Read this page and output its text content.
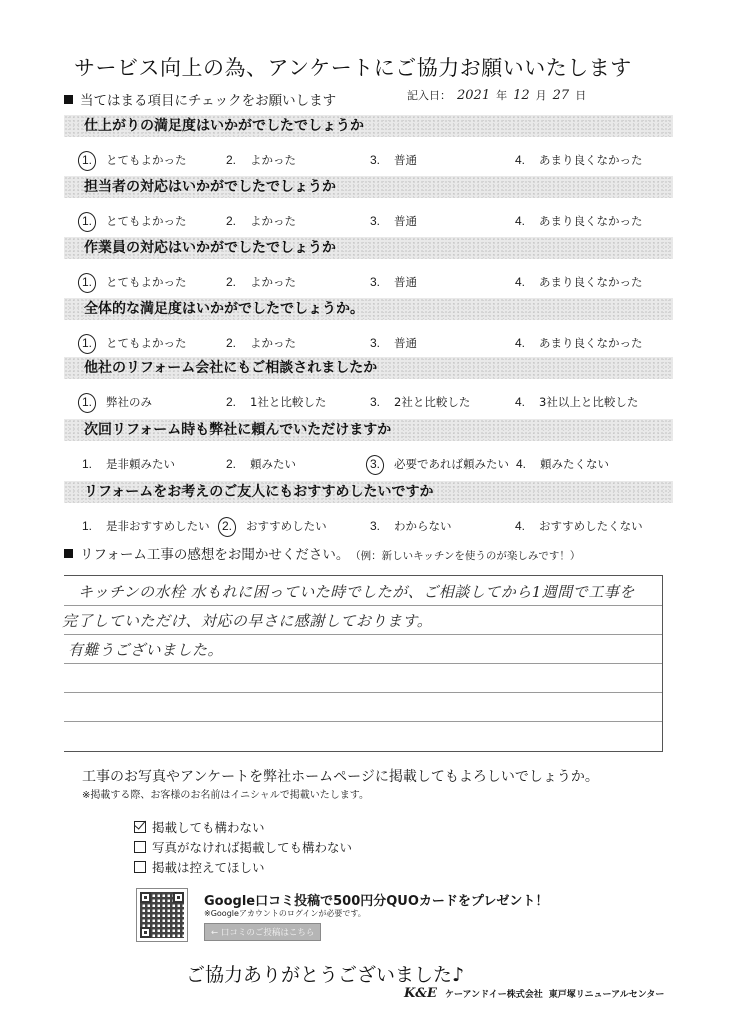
サービス向上の為、アンケートにご協力お願いいたします
当てはまる項目にチェックをお願いします	記入日： 2021 年 12 月 27 日
仕上がりの満足度はいかがでしたでしょうか
1. とてもよかった	2. よかった	3. 普通	4. あまり良くなかった
担当者の対応はいかがでしたでしょうか
1. とてもよかった	2. よかった	3. 普通	4. あまり良くなかった
作業員の対応はいかがでしたでしょうか
1. とてもよかった	2. よかった	3. 普通	4. あまり良くなかった
全体的な満足度はいかがでしたでしょうか。
1. とてもよかった	2. よかった	3. 普通	4. あまり良くなかった
他社のリフォーム会社にもご相談されましたか
1. 弊社のみ	2. 1社と比較した	3. 2社と比較した	4. 3社以上と比較した
次回リフォーム時も弊社に頼んでいただけますか
1. 是非頼みたい	2. 頼みたい	3. 必要であれば頼みたい 4. 頼みたくない
リフォームをお考えのご友人にもおすすめしたいですか
1. 是非おすすめしたい 2. おすすめしたい	3. わからない	4. おすすめしたくない
リフォーム工事の感想をお聞かせください。 （例：新しいキッチンを使うのが楽しみです！）
キッチンの水栓 水もれに困っていた時でしたが、ご相談してから1週間で工事を
完了していただけ、対応の早さに感謝しております。
有難うございました。
工事のお写真やアンケートを弊社ホームページに掲載してもよろしいでしょうか。
※掲載する際、お客様のお名前はイニシャルで掲載いたします。
掲載しても構わない
写真がなければ掲載しても構わない
掲載は控えてほしい
Google口コミ投稿で500円分QUOカードをプレゼント！
※Googleアカウントのログインが必要です。
← 口コミのご投稿はこちら
ご協力ありがとうございました♪
K&E ケーアンドイー株式会社 東戸塚リニューアルセンター
